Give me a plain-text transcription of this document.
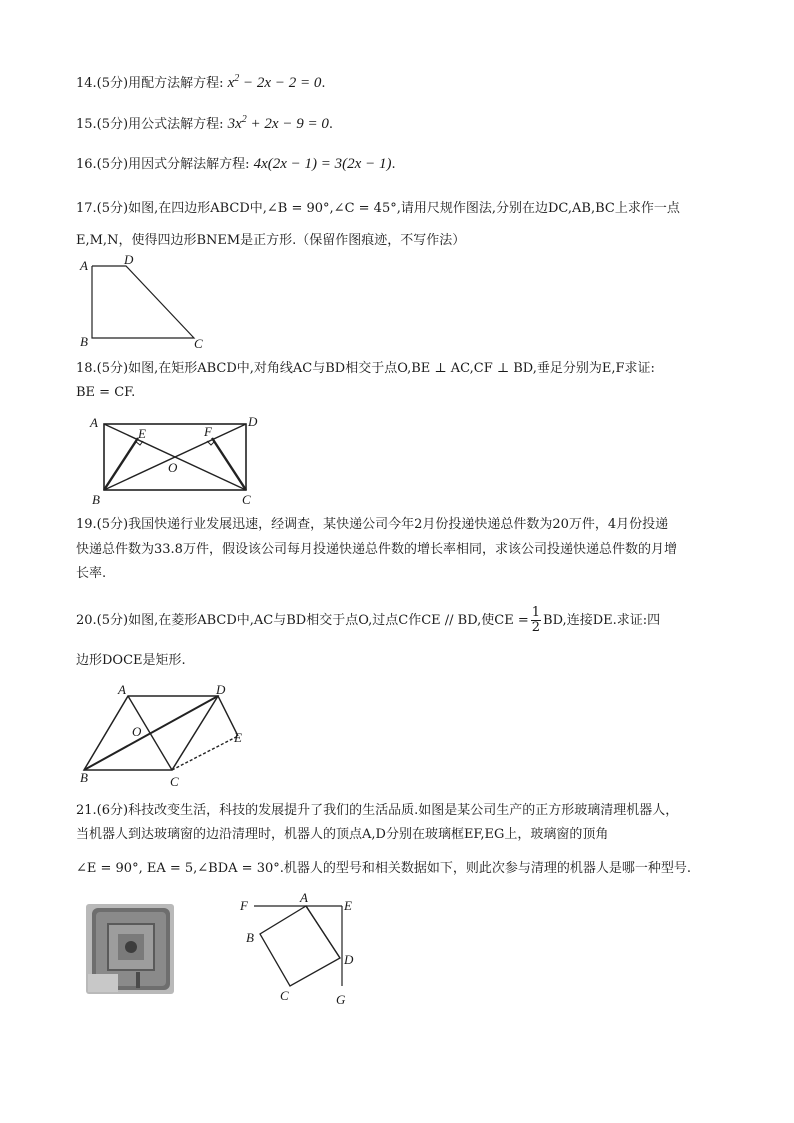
14.(5分)用配方法解方程: $x^2 - 2x - 2 = 0$.
15.(5分)用公式法解方程: $3x^2 + 2x - 9 = 0$.
16.(5分)用因式分解法解方程: 4x(2x − 1) = 3(2x − 1).
17.(5分)如图,在四边形ABCD中,∠B = 90°,∠C = 45°,请用尺规作图法,分别在边DC,AB,BC上求作一点
E,M,N，使得四边形BNEM是正方形.（保留作图痕迹，不写作法）
A	D
B	C
18.(5分)如图,在矩形ABCD中,对角线AC与BD相交于点O,BE ⊥ AC,CF ⊥ BD,垂足分别为E,F求证:
BE = CF.
A
E	F
D
O
B	C
19.(5分)我国快递行业发展迅速，经调查，某快递公司今年2月份投递快递总件数为20万件，4月份投递
快递总件数为33.8万件，假设该公司每月投递快递总件数的增长率相同，求该公司投递快递总件数的月增
长率.
20.(5分)如图,在菱形ABCD中,AC与BD相交于点O,过点C作CE // BD,使CE = $\frac{1}{2}$ BD,连接DE.求证:四
边形DOCE是矩形.
A	D
O	E
B	C
21.(6分)科技改变生活，科技的发展提升了我们的生活品质.如图是某公司生产的正方形玻璃清理机器人，
当机器人到达玻璃窗的边沿清理时，机器人的顶点A,D分别在玻璃框EF,EG上，玻璃窗的顶角
∠E = 90°, EA = 5,∠BDA = 30°.机器人的型号和相关数据如下，则此次参与清理的机器人是哪一种型号.
F
A
E
B
D
C	G
